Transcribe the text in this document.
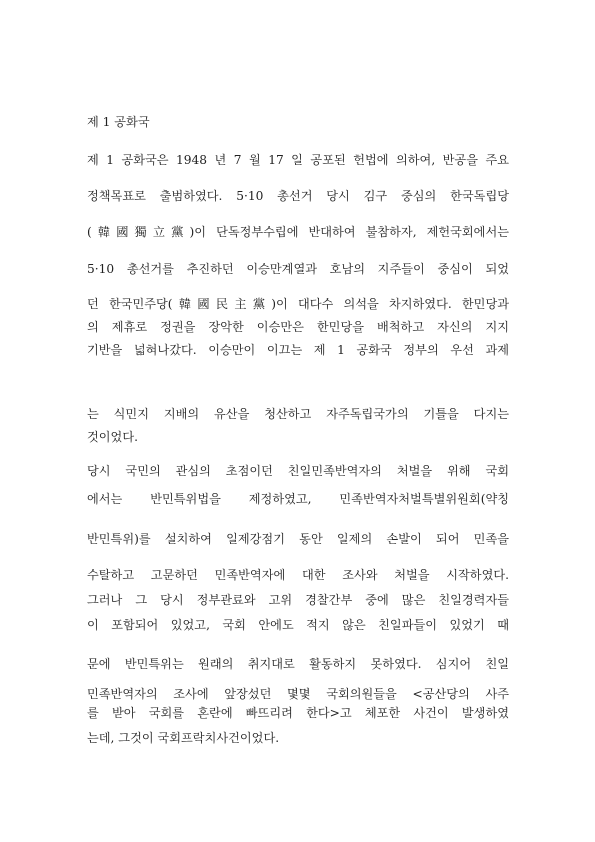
제 1 공화국
제 1 공화국은 1948 년 7 월 17 일 공포된 헌법에 의하여, 반공을 주요
정책목표로 출범하였다. 5·10 총선거 당시 김구 중심의 한국독립당
(韓國獨立黨)이 단독정부수립에 반대하여 불참하자, 제헌국회에서는
5·10 총선거를 추진하던 이승만계열과 호남의 지주들이 중심이 되었
던 한국민주당(韓國民主黨)이 대다수 의석을 차지하였다. 한민당과
의 제휴로 정권을 장악한 이승만은 한민당을 배척하고 자신의 지지
기반을 넓혀나갔다. 이승만이 이끄는 제 1 공화국 정부의 우선 과제
는 식민지 지배의 유산을 청산하고 자주독립국가의 기틀을 다지는
것이었다.
당시 국민의 관심의 초점이던 친일민족반역자의 처벌을 위해 국회
에서는 반민특위법을 제정하였고, 민족반역자처벌특별위원회(약칭
반민특위)를 설치하여 일제강점기 동안 일제의 손발이 되어 민족을
수탈하고 고문하던 민족반역자에 대한 조사와 처벌을 시작하였다.
그러나 그 당시 정부관료와 고위 경찰간부 중에 많은 친일경력자들
이 포함되어 있었고, 국회 안에도 적지 않은 친일파들이 있었기 때
문에 반민특위는 원래의 취지대로 활동하지 못하였다. 심지어 친일
민족반역자의 조사에 앞장섰던 몇몇 국회의원들을 <공산당의 사주
를 받아 국회를 혼란에 빠뜨리려 한다>고 체포한 사건이 발생하였
는데, 그것이 국회프락치사건이었다.
